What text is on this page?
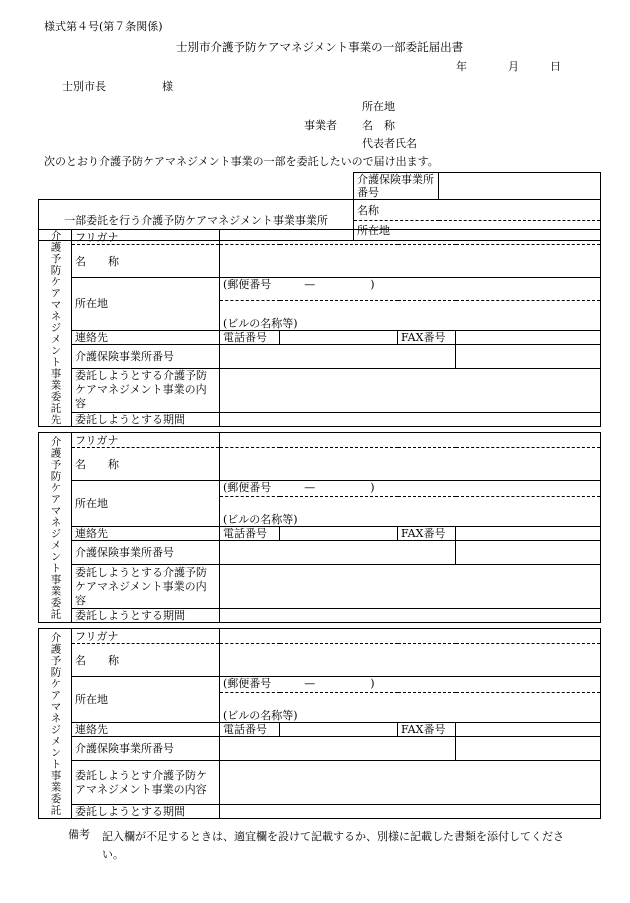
様式第４号(第７条関係)
士別市介護予防ケアマネジメント事業の一部委託届出書
年	月	日
士別市長	様
所在地
事業者 名　称
代表者氏名
次のとおり介護予防ケアマネジメント事業の一部を委託したいので届け出ます。
	介護保険事業所番号	

一部委託を行う介護予防ケアマネジメント事業事業所	名称	
	所在地	
介護予防ケアマネジメント事業委託先	フリガナ				
	名　　称				
	所在地	(郵便番号　　　—　　　　　)			
		(ビルの名称等)			
	連絡先	電話番号		FAX番号	
	介護保険事業所番号			

	委託しようとする介護予防ケアマネジメント事業の内容				
	委託しようとする期間				
介護予防ケアマネジメント事業委託	フリガナ				
	名　　称				
	所在地	(郵便番号　　　—　　　　　)			
		(ビルの名称等)			
	連絡先	電話番号		FAX番号	
	介護保険事業所番号			

	委託しようとする介護予防ケアマネジメント事業の内容				
	委託しようとする期間				
介護予防ケアマネジメント事業委託	フリガナ				
	名　　称				
	所在地	(郵便番号　　　—　　　　　)			
		(ビルの名称等)			
	連絡先	電話番号		FAX番号	
	介護保険事業所番号			

	委託しようとす介護予防ケアマネジメント事業の内容				
	委託しようとする期間				
備考 記入欄が不足するときは、適宜欄を設けて記載するか、別様に記載した書類を添付してください。
